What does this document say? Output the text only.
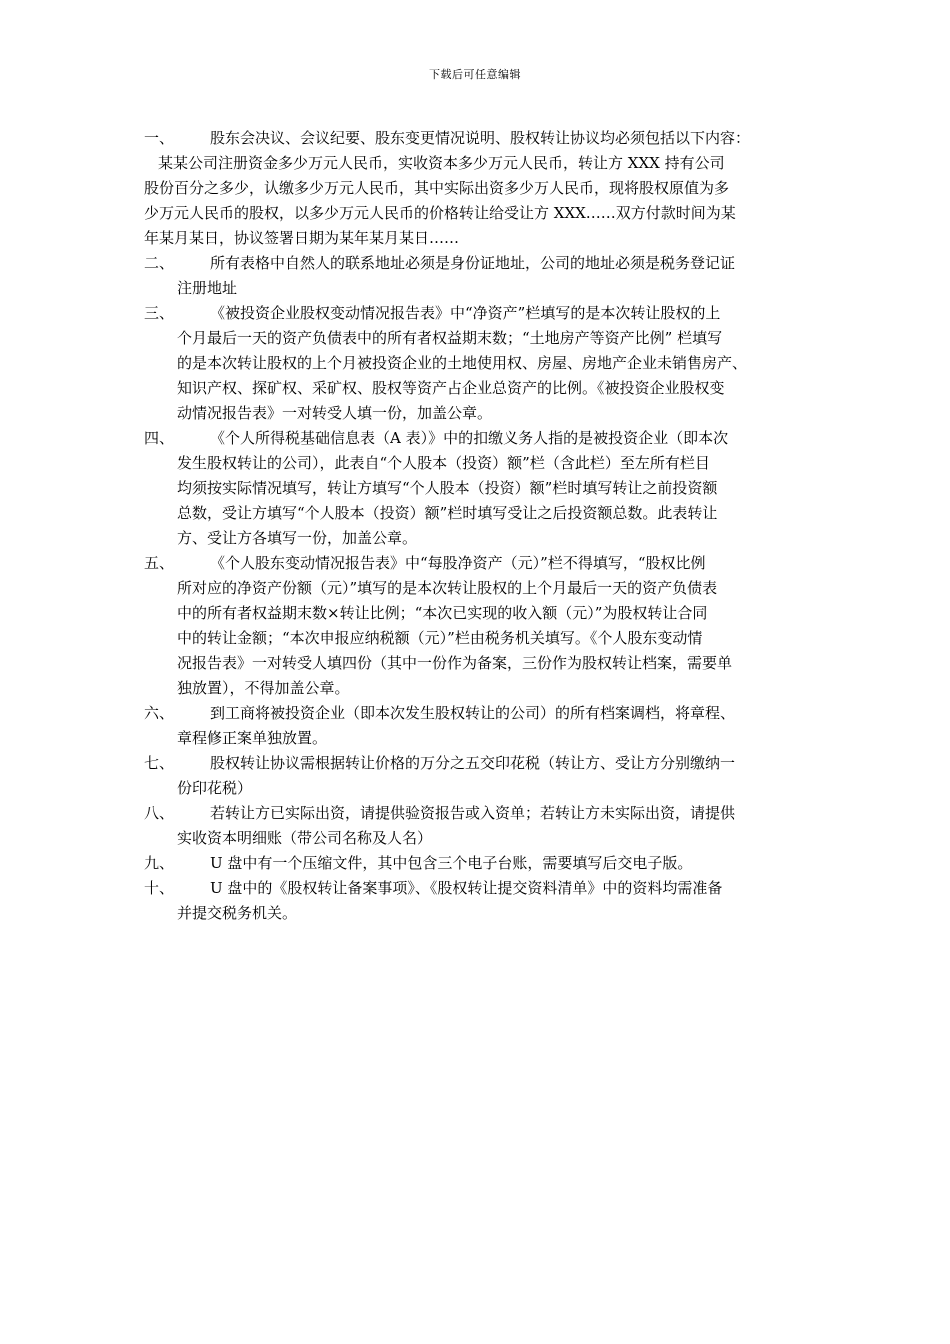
下载后可任意编辑
一、 股东会决议、会议纪要、股东变更情况说明、股权转让协议均必须包括以下内容：
某某公司注册资金多少万元人民币，实收资本多少万元人民币，转让方 XXX 持有公司
股份百分之多少，认缴多少万元人民币，其中实际出资多少万人民币，现将股权原值为多
少万元人民币的股权，以多少万元人民币的价格转让给受让方 XXX……双方付款时间为某
年某月某日，协议签署日期为某年某月某日……
二、 所有表格中自然人的联系地址必须是身份证地址，公司的地址必须是税务登记证
注册地址
三、 《被投资企业股权变动情况报告表》中“净资产”栏填写的是本次转让股权的上
个月最后一天的资产负债表中的所有者权益期末数；“土地房产等资产比例” 栏填写
的是本次转让股权的上个月被投资企业的土地使用权、房屋、房地产企业未销售房产、
知识产权、探矿权、采矿权、股权等资产占企业总资产的比例。《被投资企业股权变
动情况报告表》一对转受人填一份，加盖公章。
四、 《个人所得税基础信息表（A 表）》中的扣缴义务人指的是被投资企业（即本次
发生股权转让的公司），此表自“个人股本（投资）额”栏（含此栏）至左所有栏目
均须按实际情况填写，转让方填写“个人股本（投资）额”栏时填写转让之前投资额
总数，受让方填写“个人股本（投资）额”栏时填写受让之后投资额总数。此表转让
方、受让方各填写一份，加盖公章。
五、 《个人股东变动情况报告表》中“每股净资产（元）”栏不得填写，“股权比例
所对应的净资产份额（元）”填写的是本次转让股权的上个月最后一天的资产负债表
中的所有者权益期末数×转让比例；“本次已实现的收入额（元）”为股权转让合同
中的转让金额；“本次申报应纳税额（元）”栏由税务机关填写。《个人股东变动情
况报告表》一对转受人填四份（其中一份作为备案，三份作为股权转让档案，需要单
独放置），不得加盖公章。
六、 到工商将被投资企业（即本次发生股权转让的公司）的所有档案调档，将章程、
章程修正案单独放置。
七、 股权转让协议需根据转让价格的万分之五交印花税（转让方、受让方分别缴纳一
份印花税）
八、 若转让方已实际出资，请提供验资报告或入资单；若转让方未实际出资，请提供
实收资本明细账（带公司名称及人名）
九、 U 盘中有一个压缩文件，其中包含三个电子台账，需要填写后交电子版。
十、 U 盘中的《股权转让备案事项》、《股权转让提交资料清单》中的资料均需准备
并提交税务机关。
